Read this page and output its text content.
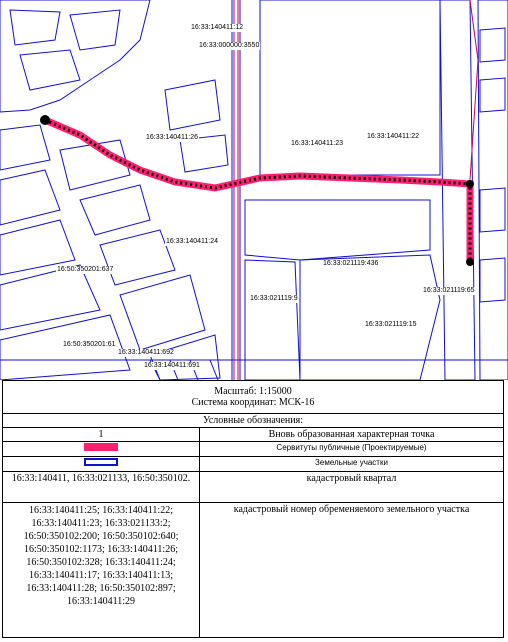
16:33:140411:12
16:33:000000:3550
16:33:140411:26
16:33:140411:23
16:33:140411:22
16:33:140411:24
16:50:350201:637
16:33:021119:436
16:33:021119:9
16:33:021119:65
16:33:021119:15
16:50:350201:61
16:33:140411:692
16:33:140411:691
Масштаб: 1:15000
Система координат: МСК-16	

Условные обозначения:	
1	Вновь образованная характерная точка
	Сервитуты публичные (Проектируемые)
	Земельные участки
16:33:140411, 16:33:021133, 16:50:350102.	кадастровый квартал
16:33:140411:25; 16:33:140411:22; 16:33:140411:23; 16:33:021133:2; 16:50:350102:200; 16:50:350102:640; 16:50:350102:1173; 16:33:140411:26; 16:50:350102:328; 16:33:140411:24; 16:33:140411:17; 16:33:140411:13; 16:33:140411:28; 16:50:350102:897; 16:33:140411:29	кадастровый номер обременяемого земельного участка
